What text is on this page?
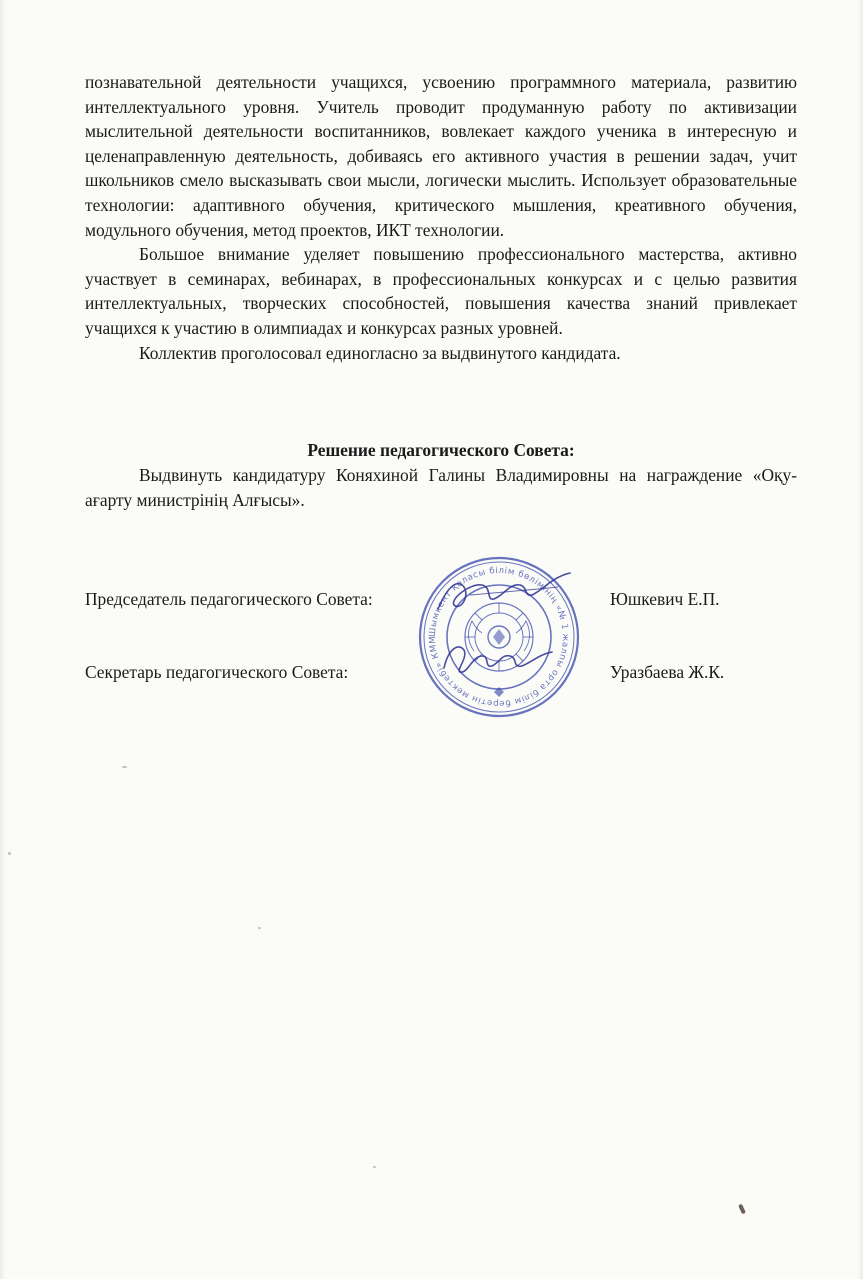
познавательной деятельности учащихся, усвоению программного материала, развитию интеллектуального уровня. Учитель проводит продуманную работу по активизации мыслительной деятельности воспитанников, вовлекает каждого ученика в интересную и целенаправленную деятельность, добиваясь его активного участия в решении задач, учит школьников смело высказывать свои мысли, логически мыслить. Использует образовательные технологии: адаптивного обучения, критического мышления, креативного обучения, модульного обучения, метод проектов, ИКТ технологии.

Большое внимание уделяет повышению профессионального мастерства, активно участвует в семинарах, вебинарах, в профессиональных конкурсах и с целью развития интеллектуальных, творческих способностей, повышения качества знаний привлекает учащихся к участию в олимпиадах и конкурсах разных уровней.

Коллектив проголосовал единогласно за выдвинутого кандидата.

Решение педагогического Совета:

Выдвинуть кандидатуру Коняхиной Галины Владимировны на награждение «Оқу-ағарту министрінің Алғысы».

Председатель педагогического Совета:	Юшкевич Е.П.
Секретарь педагогического Совета:	Уразбаева Ж.К.
Шымкент қаласы білім бөлімінің «№ 1 жалпы орта білім беретін мектебі» КММ
